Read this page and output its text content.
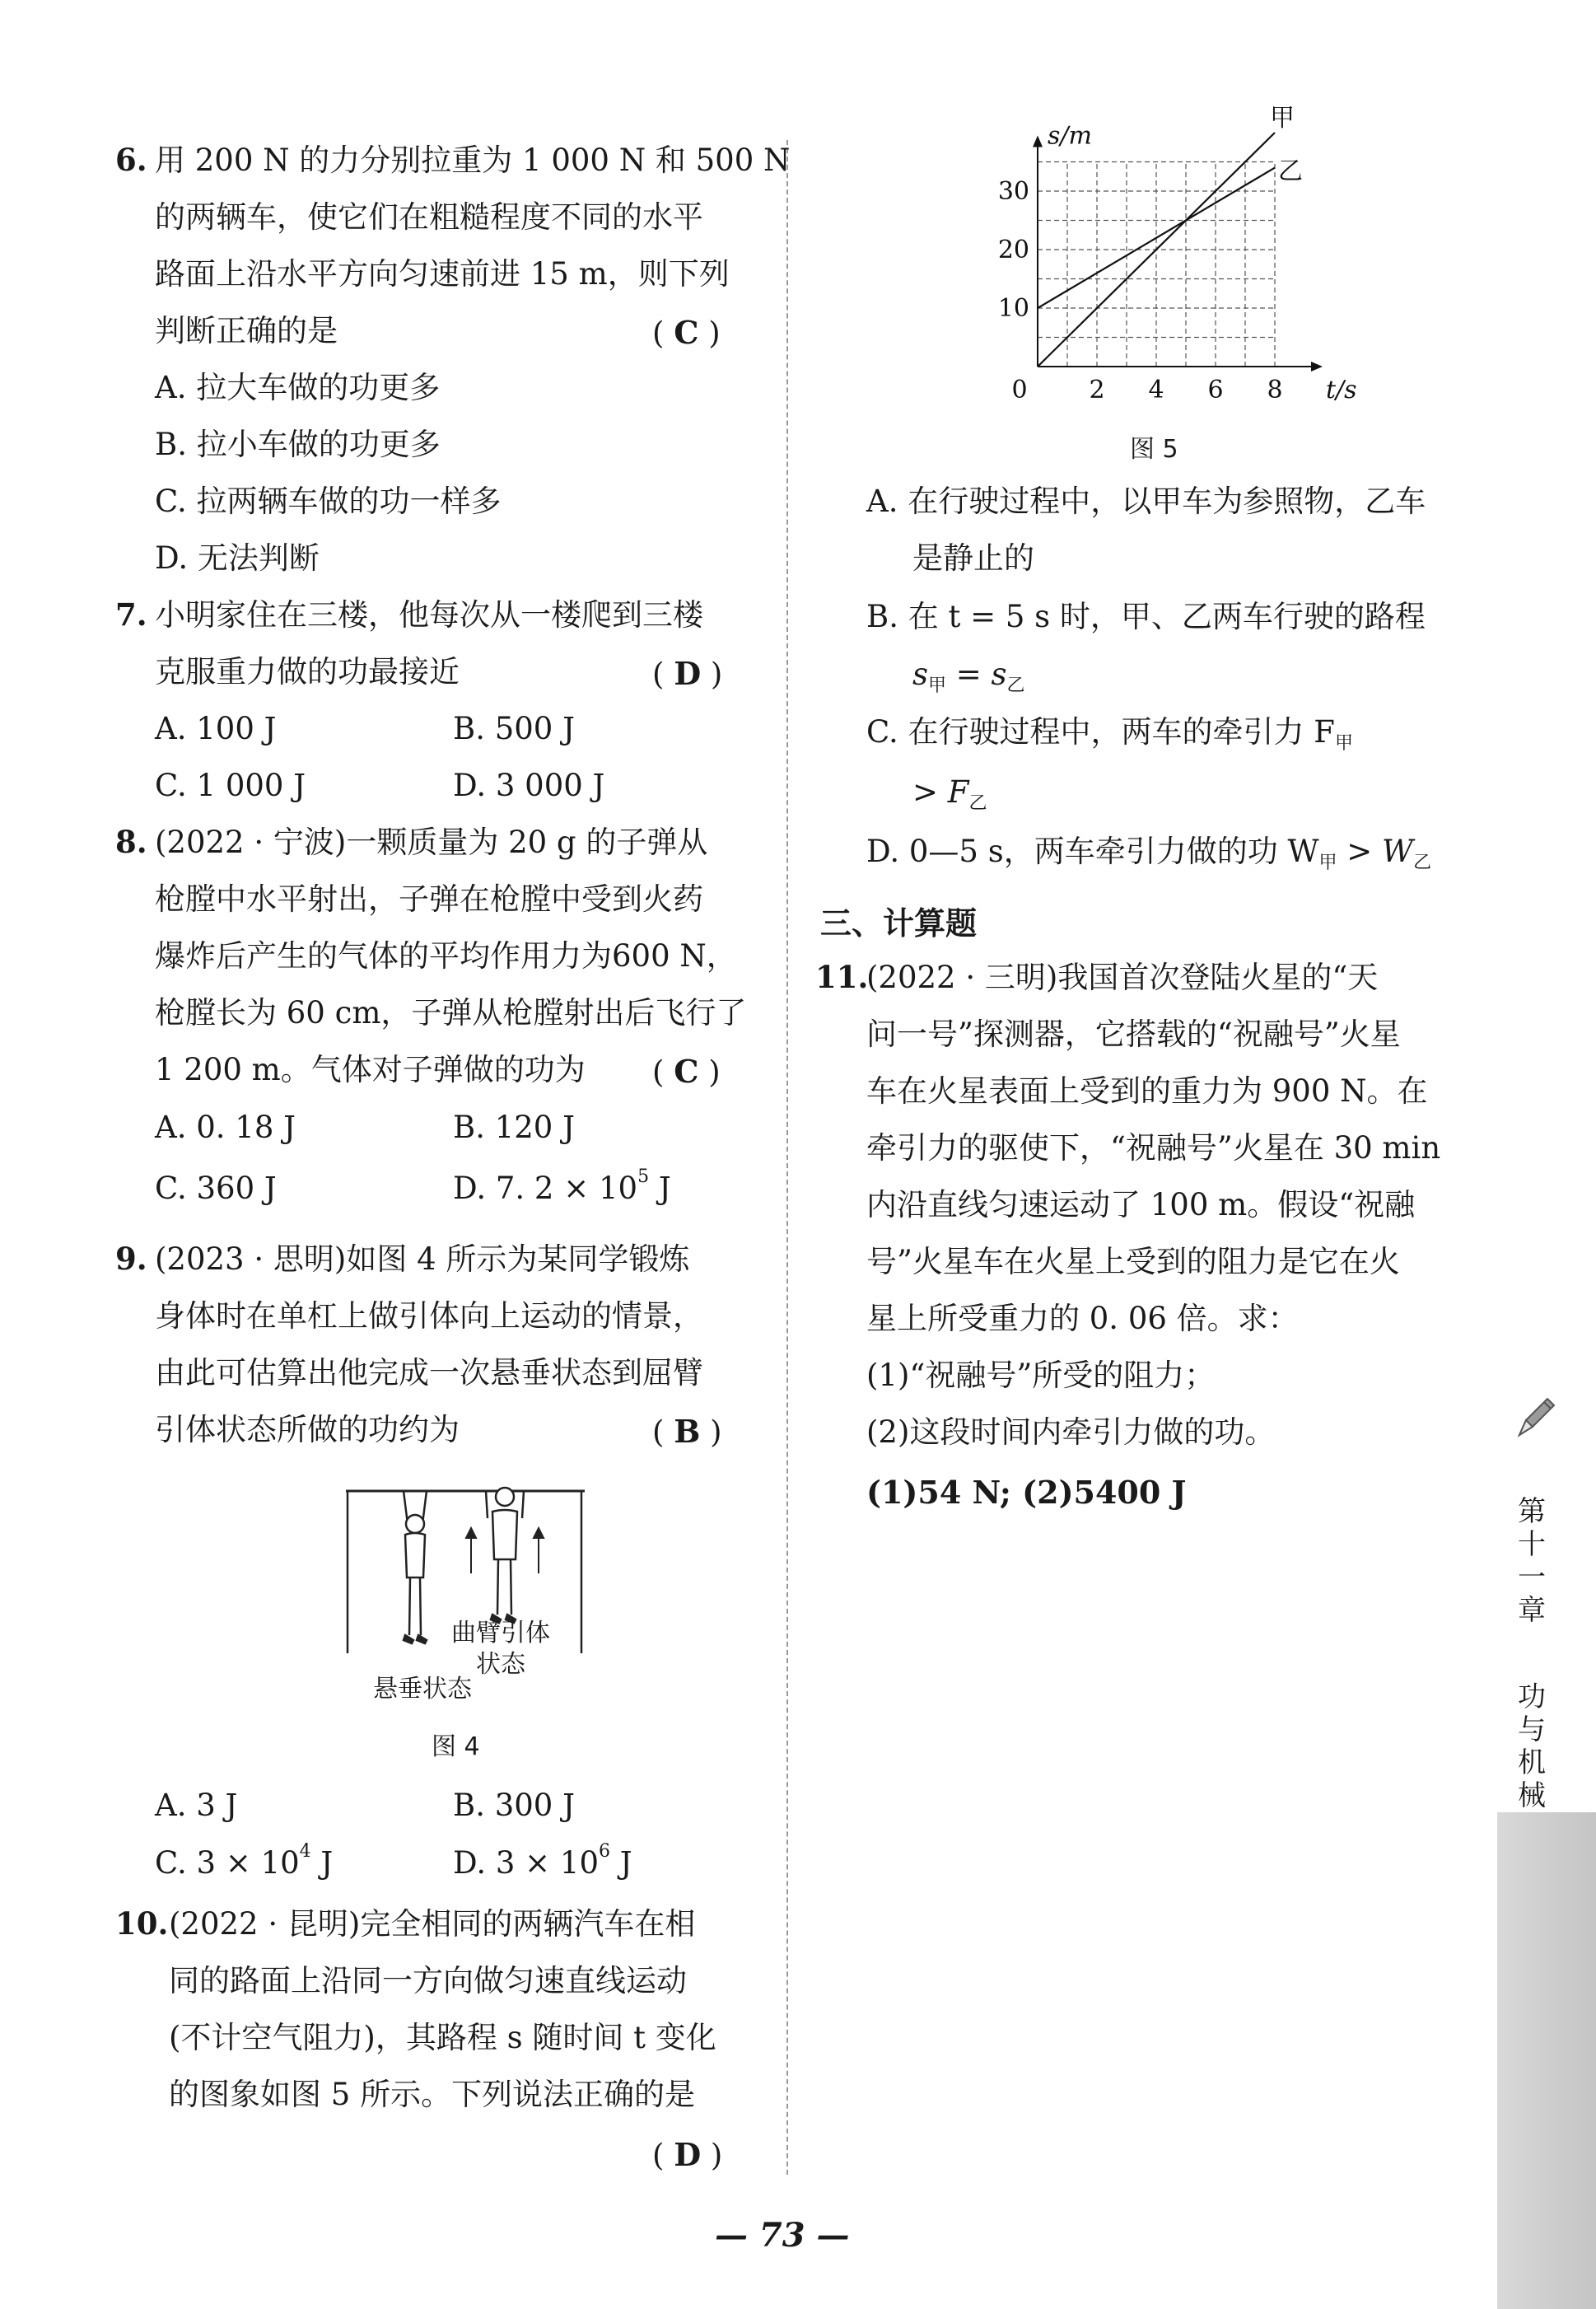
6. 用 200 N 的力分别拉重为 1 000 N 和 500 N
的两辆车，使它们在粗糙程度不同的水平
路面上沿水平方向匀速前进 15 m，则下列
判断正确的是	( C )
A. 拉大车做的功更多
B. 拉小车做的功更多
C. 拉两辆车做的功一样多
D. 无法判断
7. 小明家住在三楼，他每次从一楼爬到三楼
克服重力做的功最接近	( D )
A. 100 J	B. 500 J
C. 1 000 J	D. 3 000 J
8. (2022 · 宁波)一颗质量为 20 g 的子弹从
枪膛中水平射出，子弹在枪膛中受到火药
爆炸后产生的气体的平均作用力为600 N，
枪膛长为 60 cm，子弹从枪膛射出后飞行了
1 200 m。气体对子弹做的功为 ( C )
A. 0. 18 J	B. 120 J
C. 360 J	D. 7. $2 \times 10^5$ J
9. (2023 · 思明)如图 4 所示为某同学锻炼
身体时在单杠上做引体向上运动的情景，
由此可估算出他完成一次悬垂状态到屈臂
引体状态所做的功约为	( B )
曲臂引体
状态
悬垂状态
图 4
A. 3 J	B. 300 J
C. $3 \times 10^4$ J	D. $3 \times 10^6$ J
10. (2022 · 昆明)完全相同的两辆汽车在相
同的路面上沿同一方向做匀速直线运动
(不计空气阻力)，其路程 s 随时间 t 变化
的图象如图 5 所示。下列说法正确的是
( D )
0 2 4 6 8
10
20
30
s/m
t/s
甲
乙
图 5
A. 在行驶过程中，以甲车为参照物，乙车
是静止的
B. 在 t = 5 s 时，甲、乙两车行驶的路程
$s_甲 = s_乙$
C. 在行驶过程中，两车的牵引力 $F_甲$
> $F_乙$
D. 0—5 s，两车牵引力做的功 $W_甲 > W_乙$
三、计算题
11.
(2022 · 三明)我国首次登陆火星的“天
问一号”探测器，它搭载的“祝融号”火星
车在火星表面上受到的重力为 900 N。在
牵引力的驱使下，“祝融号”火星在 30 min
内沿直线匀速运动了 100 m。假设“祝融
号”火星车在火星上受到的阻力是它在火
星上所受重力的 0. 06 倍。求：
(1)“祝融号”所受的阻力；
(2)这段时间内牵引力做的功。
(1)54 N; (2)5400 J
第十一章
功与机械
— 73 —
